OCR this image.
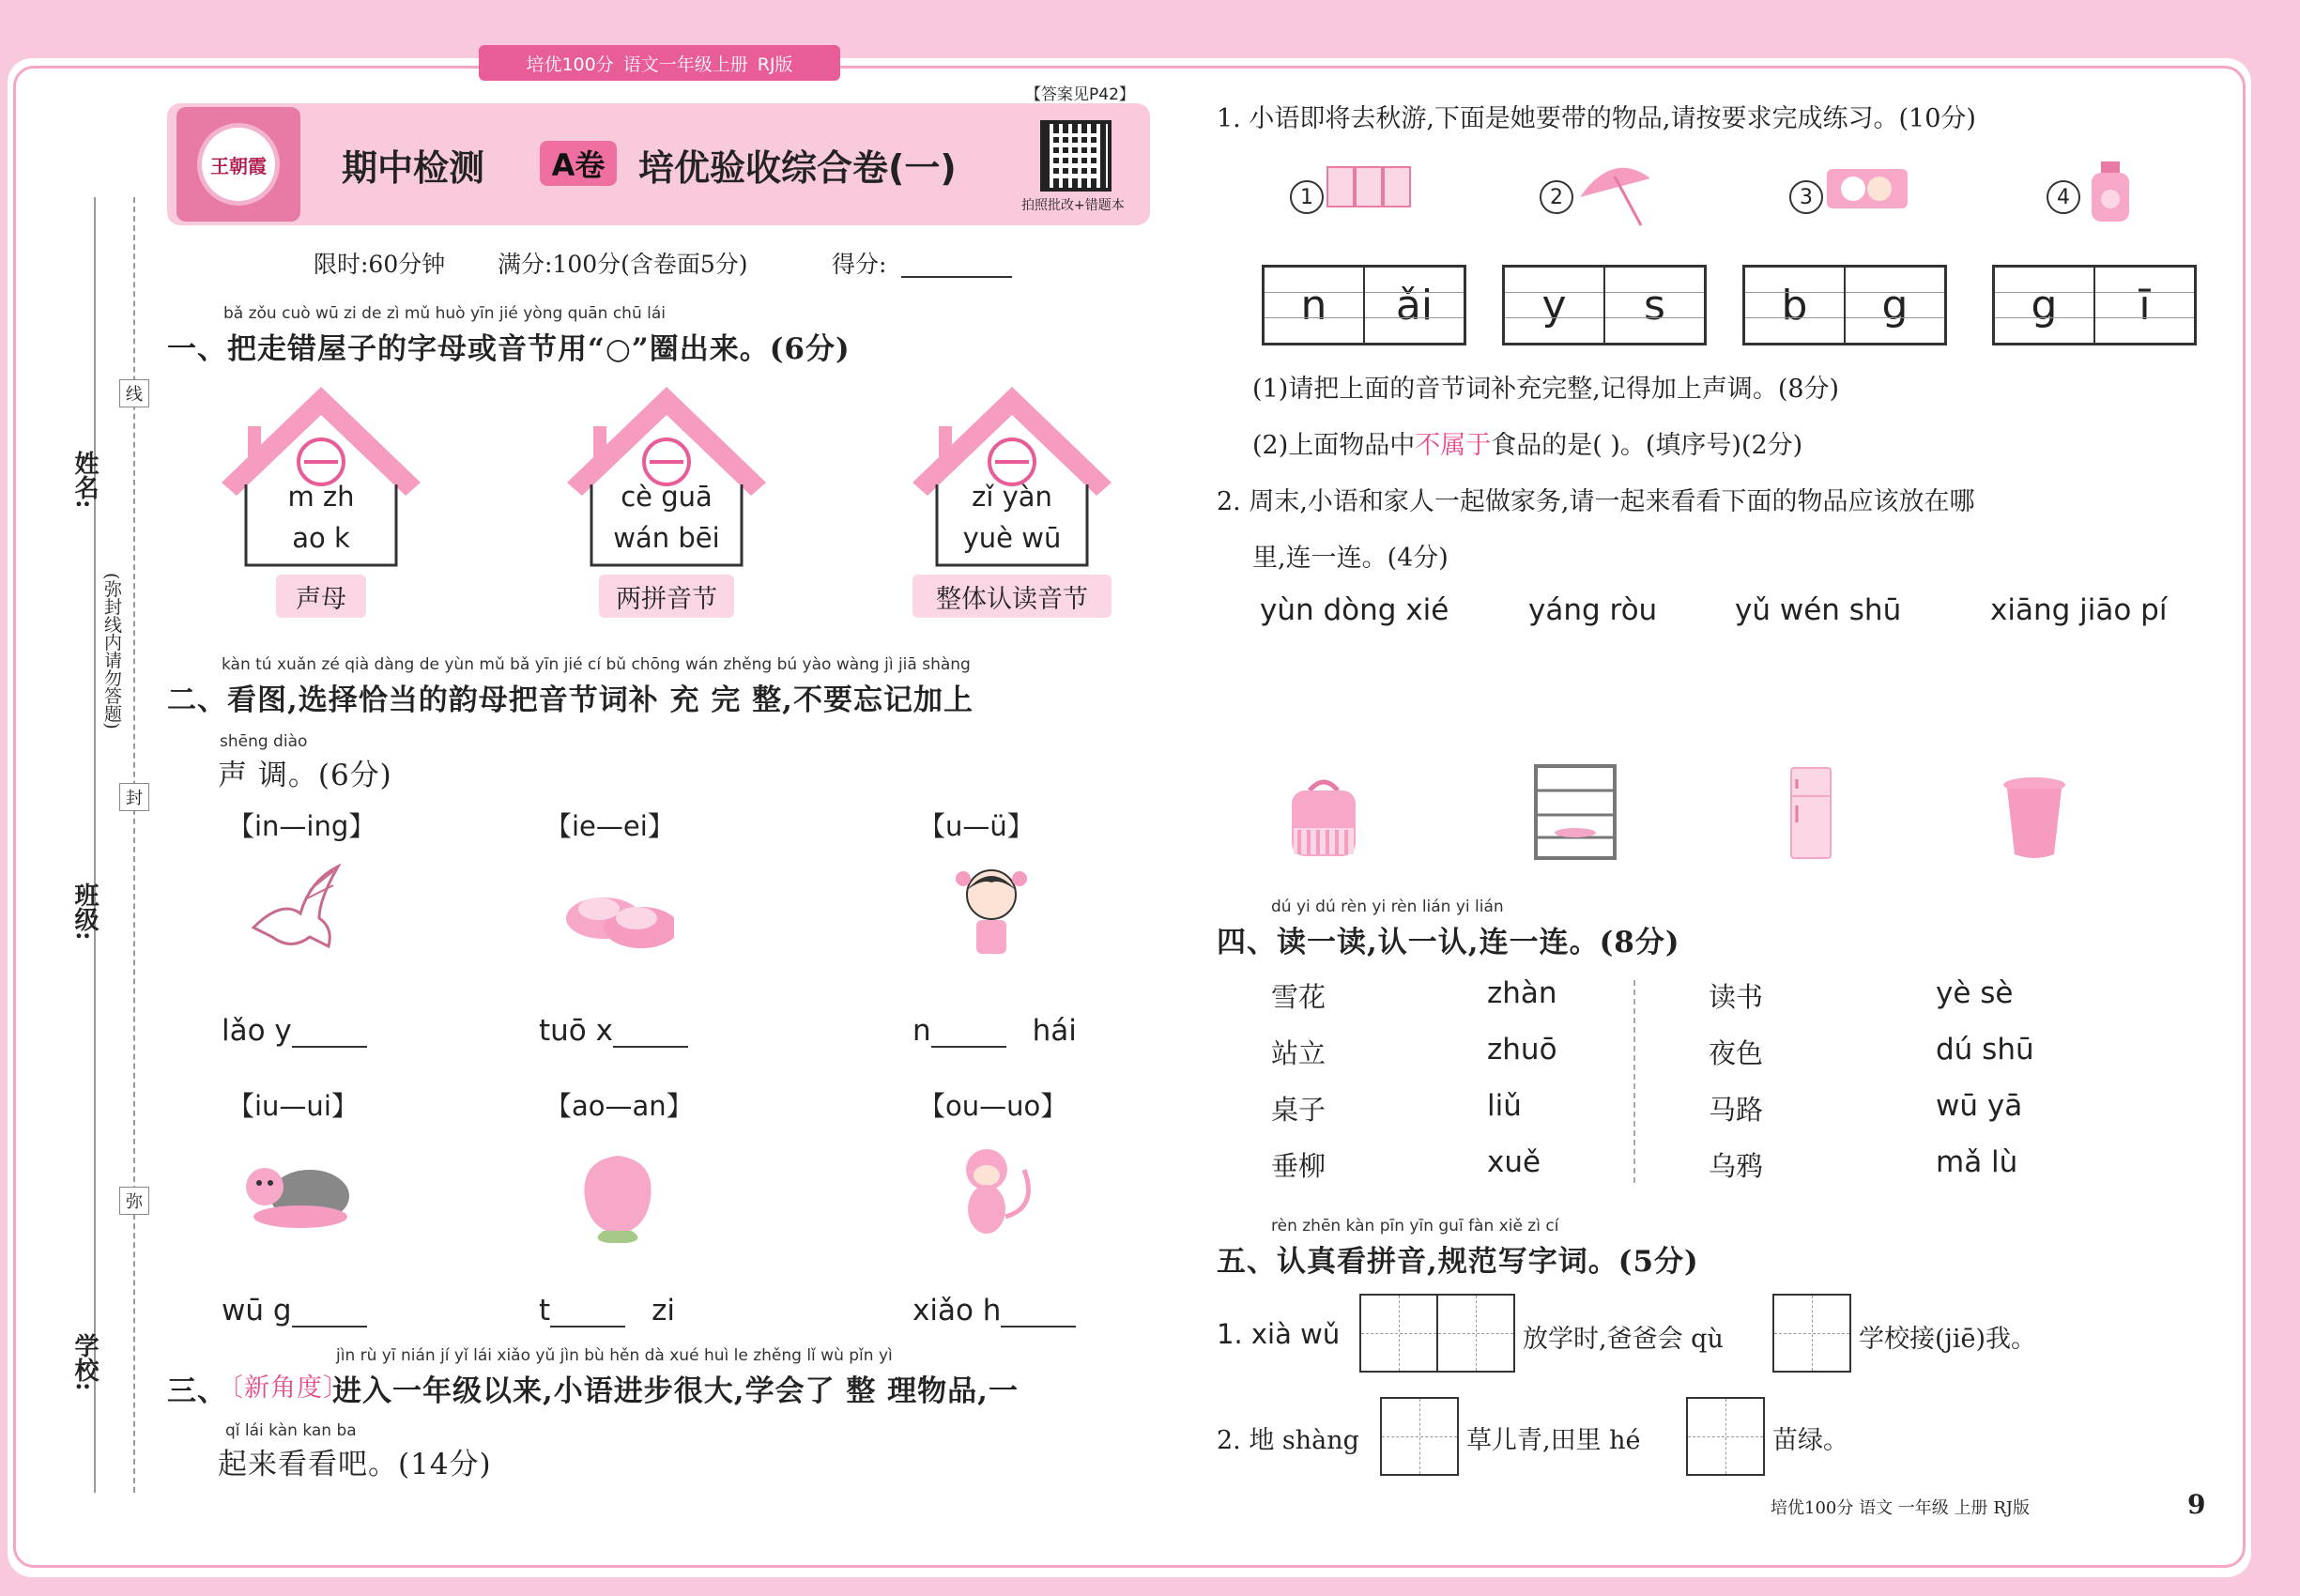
培优100分 语文一年级上册 RJ版
王朝霞	期中检测	A卷 培优验收综合卷(一)
【答案见P42】
拍照批改+错题本
限时:60分钟 满分:100分(含卷面5分)	得分:
线
封
弥
姓名:
班级:
学校:
(弥封线内请勿答题)
bǎ zǒu cuò wū zi de zì mǔ huò yīn jié yòng quān chū lái
一、把走错屋子的字母或音节用“○”圈出来。(6分)
m zh
ao k
声母
cè guā
wán bēi
两拼音节
zǐ yàn
yuè wū
整体认读音节
kàn tú xuǎn zé qià dàng de yùn mǔ bǎ yīn jié cí bǔ chōng wán zhěng bú yào wàng jì jiā shàng
二、看图,选择恰当的韵母把音节词补 充 完 整,不要忘记加上
shēng diào
声 调。(6分)
【in—ing】
lǎo y
【ie—ei】
tuō x
【u—ü】
n	hái
【iu—ui】
wū g
【ao—an】
t	zi
【ou—uo】
xiǎo h
jìn rù yī nián jí yǐ lái xiǎo yǔ jìn bù hěn dà xué huì le zhěng lǐ wù pǐn yì
三、
〔新角度〕
进入一年级以来,小语进步很大,学会了 整 理物品,一
qǐ lái kàn kan ba
起来看看吧。(14分)
1. 小语即将去秋游,下面是她要带的物品,请按要求完成练习。(10分)
1	2	3	4
n	ǎi	y	s	b	g	g	ī
(1)请把上面的音节词补充完整,记得加上声调。(8分)
(2)上面物品中不属于食品的是( )。(填序号)(2分)
2. 周末,小语和家人一起做家务,请一起来看看下面的物品应该放在哪
里,连一连。(4分)
yùn dòng xié	yáng ròu	yǔ wén shū	xiāng jiāo pí
dú yi dú rèn yi rèn lián yi lián
四、读一读,认一认,连一连。(8分)
雪花	zhàn	读书	yè sè
站立	zhuō	夜色	dú shū
桌子	liǔ	马路	wū yā
垂柳	xuě	乌鸦	mǎ lù
rèn zhēn kàn pīn yīn guī fàn xiě zì cí
五、认真看拼音,规范写字词。(5分)
1. xià wǔ	放学时,爸爸会 qù	学校接(jiē)我。
2. 地 shàng	草儿青,田里 hé	苗绿。
培优100分 语文 一年级 上册 RJ版	9
